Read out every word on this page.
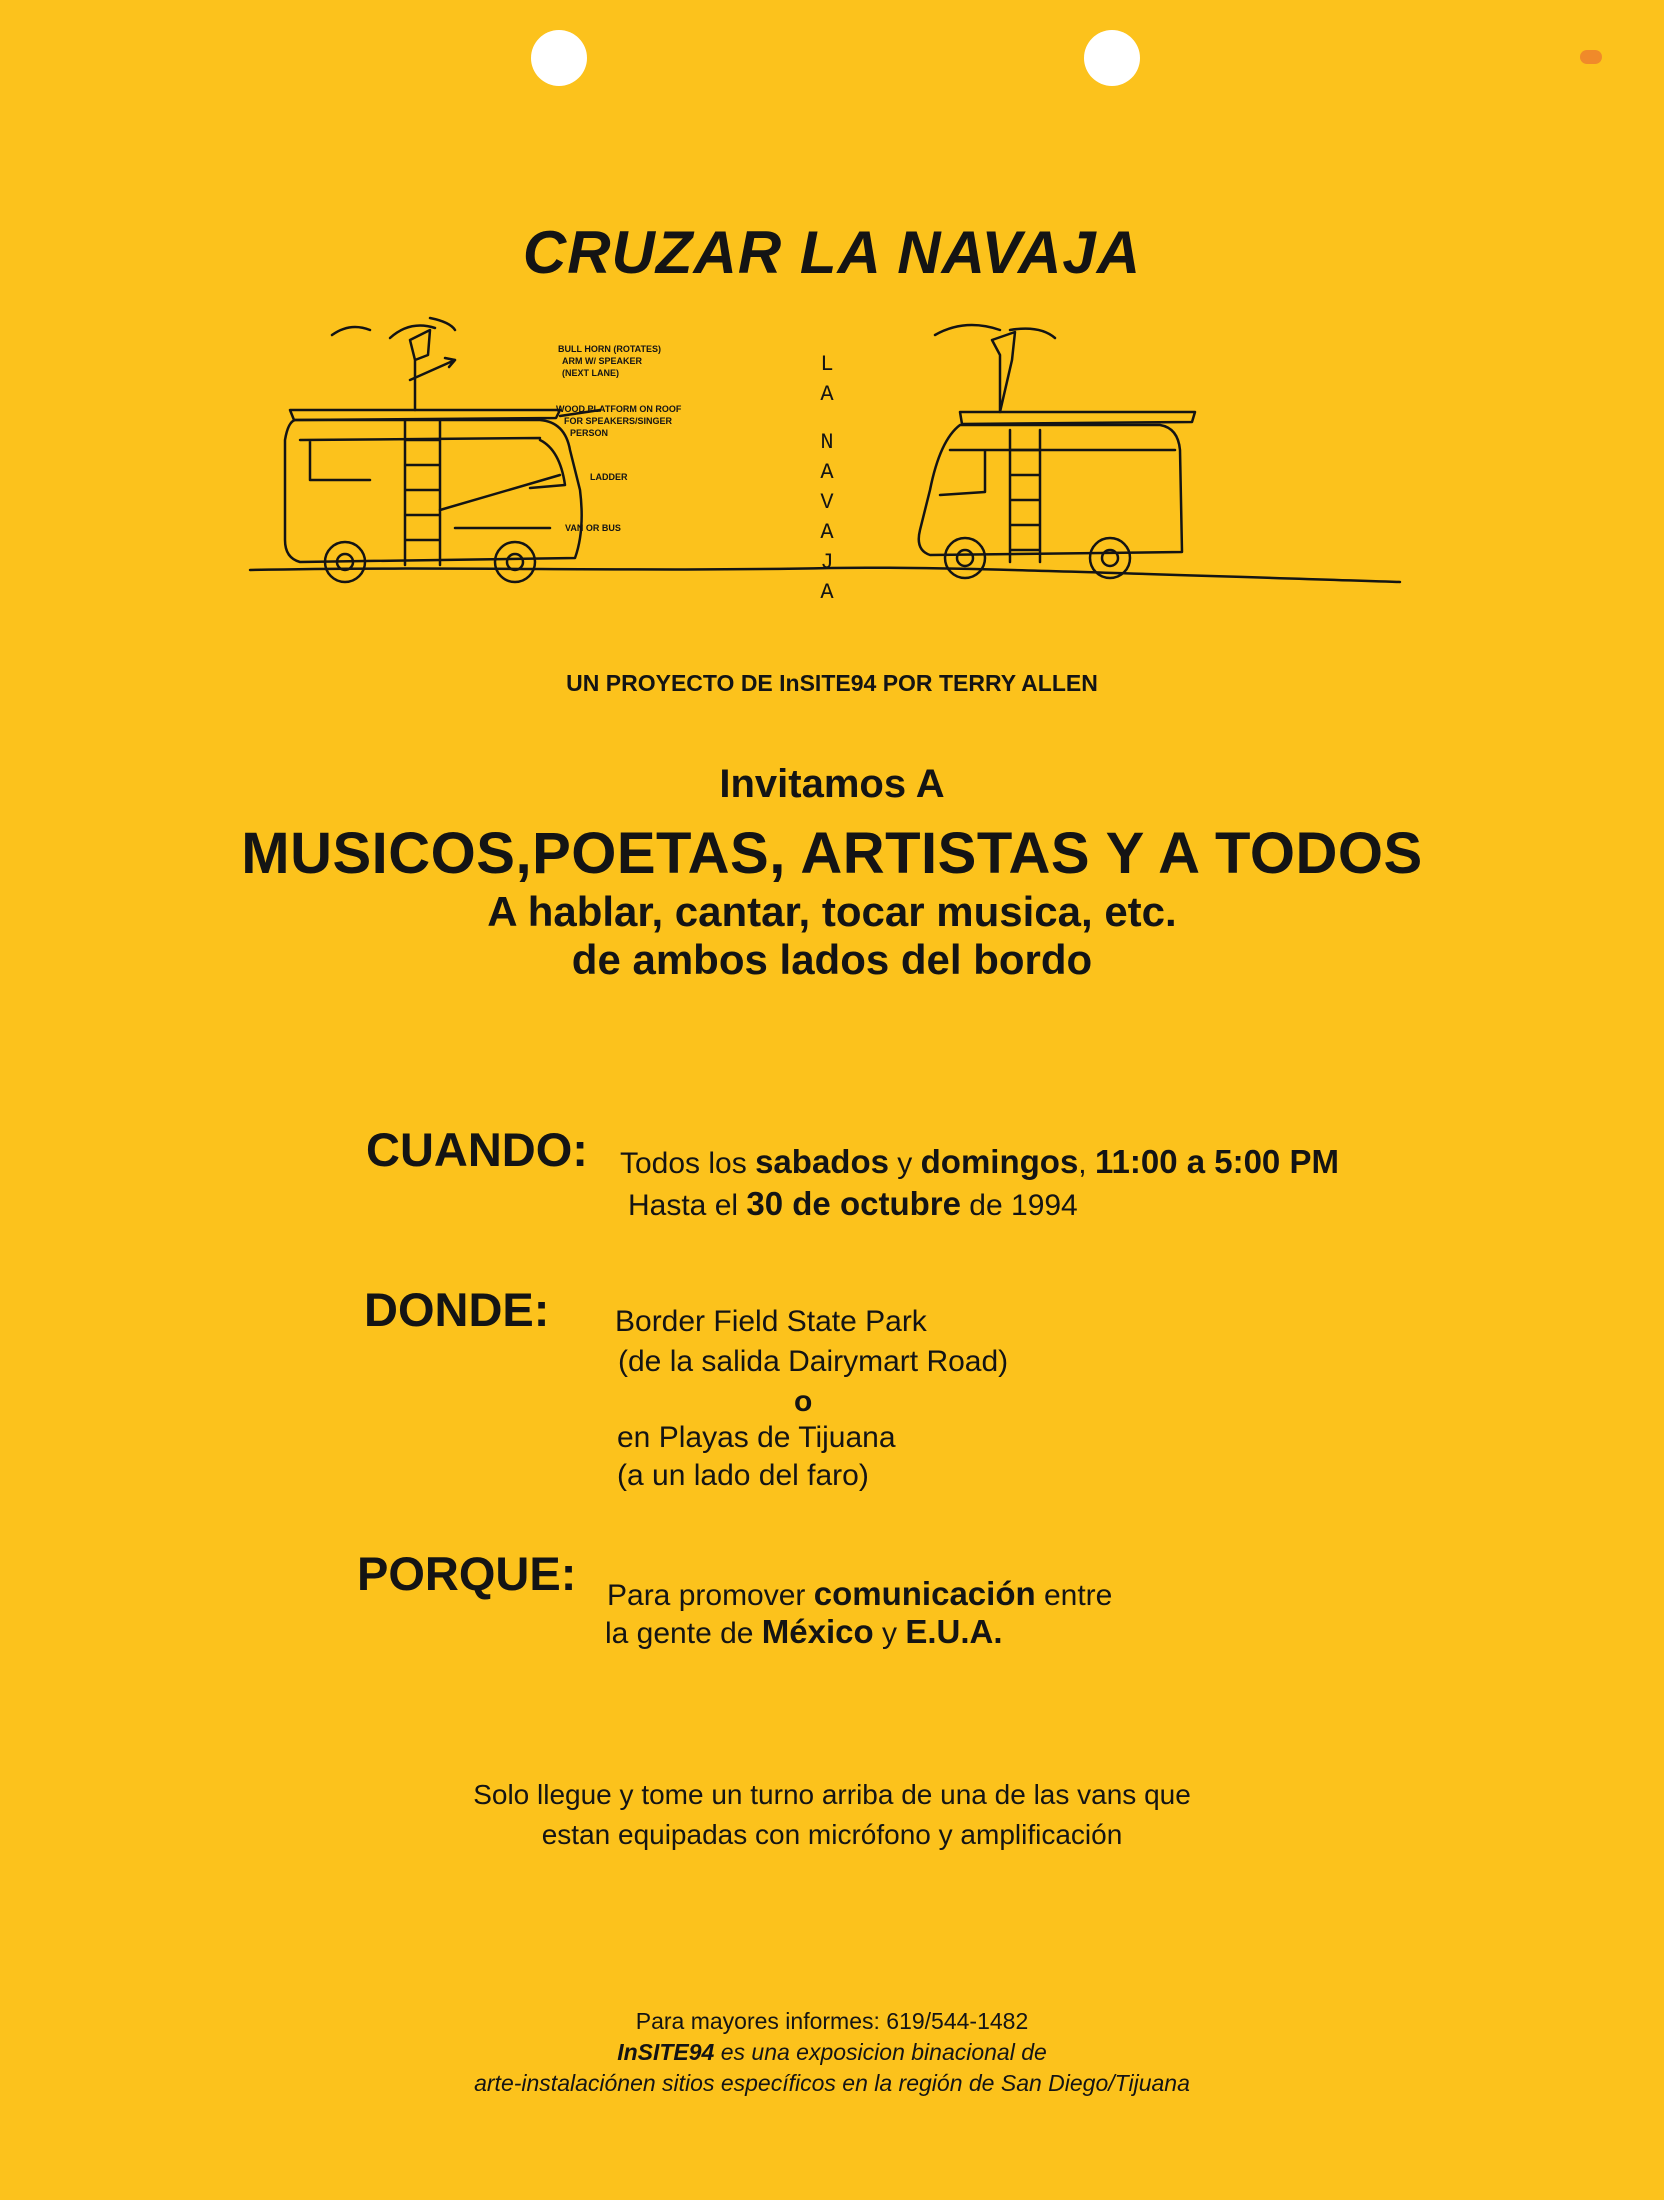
CRUZAR LA NAVAJA
BULL HORN (ROTATES)
ARM W/ SPEAKER
(NEXT LANE)
WOOD PLATFORM ON ROOF
FOR SPEAKERS/SINGER
PERSON
LADDER
VAN OR BUS
L
A
N
A
V
A
J
A
UN PROYECTO DE InSITE94 POR TERRY ALLEN
Invitamos A
MUSICOS,POETAS, ARTISTAS Y A TODOS
A hablar, cantar, tocar musica, etc.
de ambos lados del bordo
CUANDO: Todos los sabados y domingos, 11:00 a 5:00 PM
Hasta el 30 de octubre de 1994
DONDE: Border Field State Park
(de la salida Dairymart Road)
o
en Playas de Tijuana
(a un lado del faro)
PORQUE: Para promover comunicación entre
la gente de México y E.U.A.
Solo llegue y tome un turno arriba de una de las vans que
estan equipadas con micrófono y amplificación
Para mayores informes: 619/544-1482
InSITE94 es una exposicion binacional de
arte-instalaciónen sitios específicos en la región de San Diego/Tijuana
